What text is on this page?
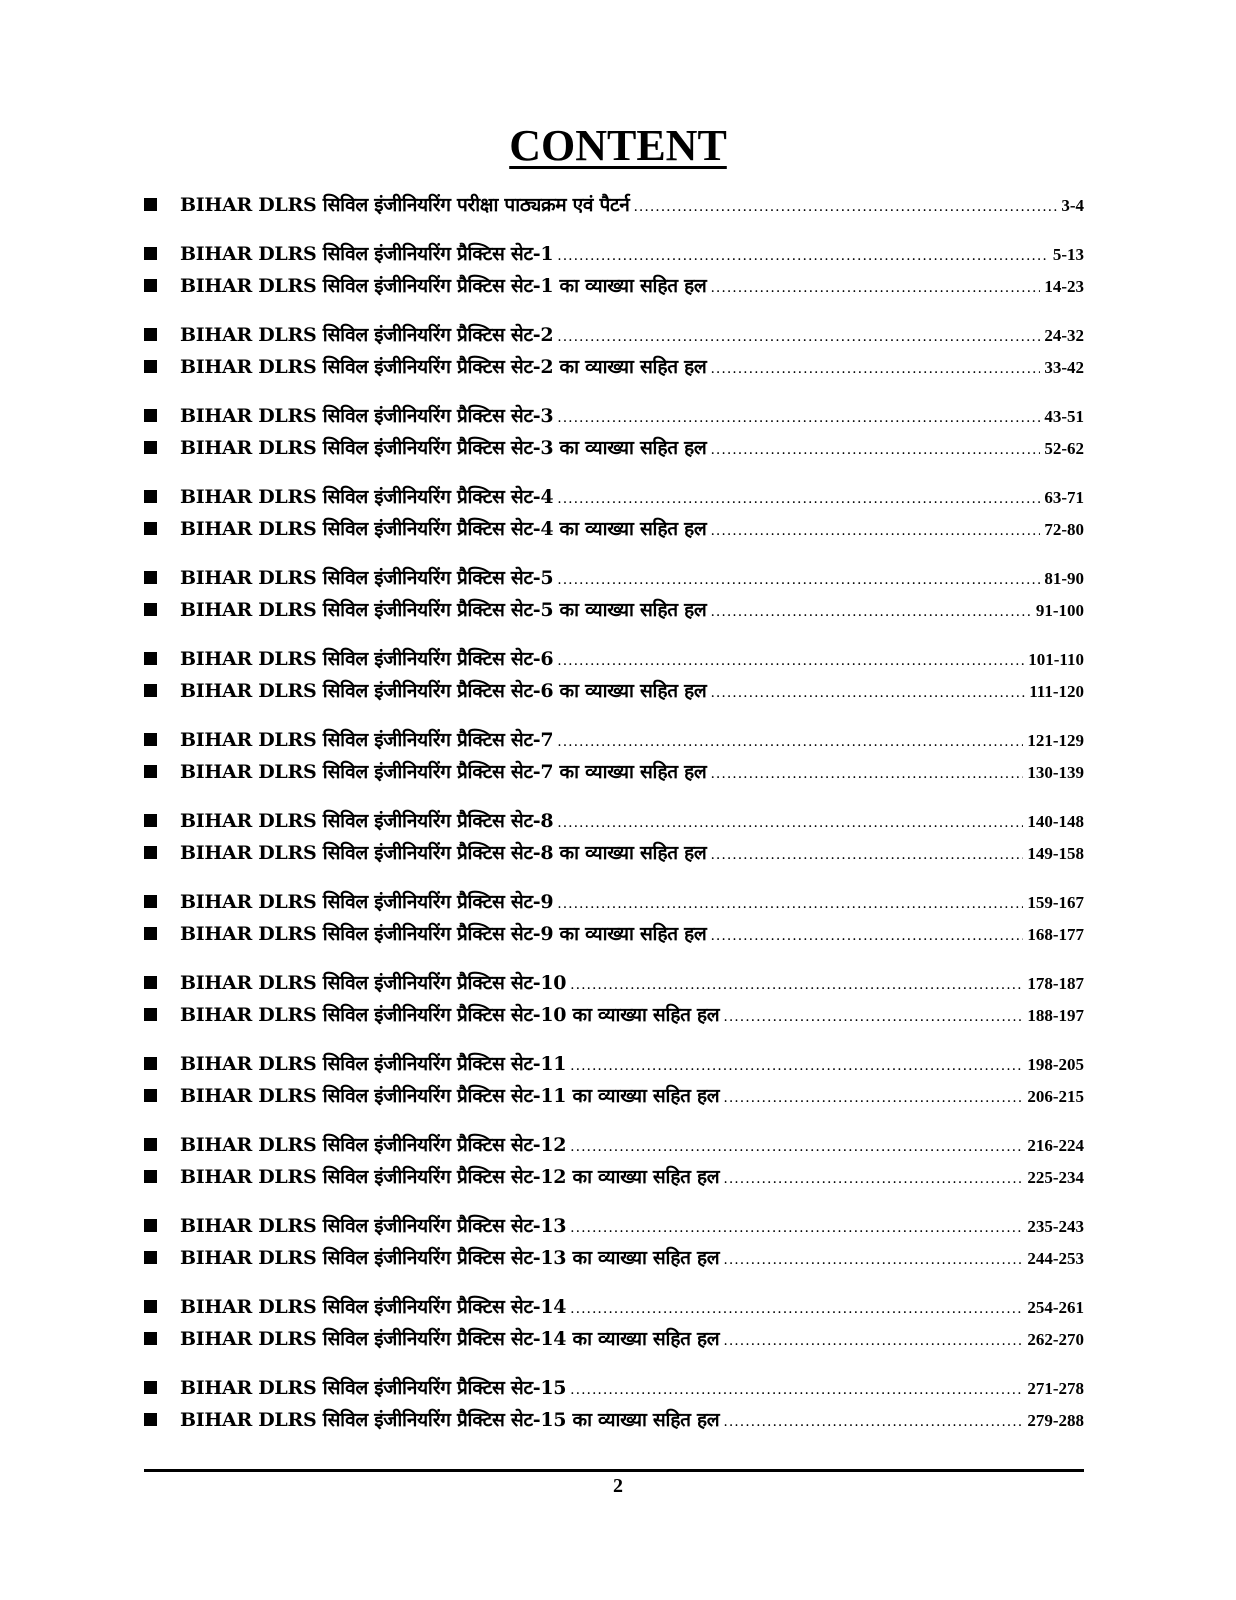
CONTENT
BIHAR DLRS सिविल इंजीनियरिंग परीक्षा पाठ्यक्रम एवं पैटर्न .....	3-4
BIHAR DLRS सिविल इंजीनियरिंग प्रैक्टिस सेट-1 .....	5-13
BIHAR DLRS सिविल इंजीनियरिंग प्रैक्टिस सेट-1 का व्याख्या सहित हल .....	14-23
BIHAR DLRS सिविल इंजीनियरिंग प्रैक्टिस सेट-2 .....	24-32
BIHAR DLRS सिविल इंजीनियरिंग प्रैक्टिस सेट-2 का व्याख्या सहित हल .....	33-42
BIHAR DLRS सिविल इंजीनियरिंग प्रैक्टिस सेट-3 .....	43-51
BIHAR DLRS सिविल इंजीनियरिंग प्रैक्टिस सेट-3 का व्याख्या सहित हल .....	52-62
BIHAR DLRS सिविल इंजीनियरिंग प्रैक्टिस सेट-4 .....	63-71
BIHAR DLRS सिविल इंजीनियरिंग प्रैक्टिस सेट-4 का व्याख्या सहित हल .....	72-80
BIHAR DLRS सिविल इंजीनियरिंग प्रैक्टिस सेट-5 .....	81-90
BIHAR DLRS सिविल इंजीनियरिंग प्रैक्टिस सेट-5 का व्याख्या सहित हल .....	91-100
BIHAR DLRS सिविल इंजीनियरिंग प्रैक्टिस सेट-6 .....	101-110
BIHAR DLRS सिविल इंजीनियरिंग प्रैक्टिस सेट-6 का व्याख्या सहित हल .....	111-120
BIHAR DLRS सिविल इंजीनियरिंग प्रैक्टिस सेट-7 .....	121-129
BIHAR DLRS सिविल इंजीनियरिंग प्रैक्टिस सेट-7 का व्याख्या सहित हल .....	130-139
BIHAR DLRS सिविल इंजीनियरिंग प्रैक्टिस सेट-8 .....	140-148
BIHAR DLRS सिविल इंजीनियरिंग प्रैक्टिस सेट-8 का व्याख्या सहित हल .....	149-158
BIHAR DLRS सिविल इंजीनियरिंग प्रैक्टिस सेट-9 .....	159-167
BIHAR DLRS सिविल इंजीनियरिंग प्रैक्टिस सेट-9 का व्याख्या सहित हल .....	168-177
BIHAR DLRS सिविल इंजीनियरिंग प्रैक्टिस सेट-10 .....	178-187
BIHAR DLRS सिविल इंजीनियरिंग प्रैक्टिस सेट-10 का व्याख्या सहित हल .....	188-197
BIHAR DLRS सिविल इंजीनियरिंग प्रैक्टिस सेट-11 .....	198-205
BIHAR DLRS सिविल इंजीनियरिंग प्रैक्टिस सेट-11 का व्याख्या सहित हल .....	206-215
BIHAR DLRS सिविल इंजीनियरिंग प्रैक्टिस सेट-12 .....	216-224
BIHAR DLRS सिविल इंजीनियरिंग प्रैक्टिस सेट-12 का व्याख्या सहित हल .....	225-234
BIHAR DLRS सिविल इंजीनियरिंग प्रैक्टिस सेट-13 .....	235-243
BIHAR DLRS सिविल इंजीनियरिंग प्रैक्टिस सेट-13 का व्याख्या सहित हल .....	244-253
BIHAR DLRS सिविल इंजीनियरिंग प्रैक्टिस सेट-14 .....	254-261
BIHAR DLRS सिविल इंजीनियरिंग प्रैक्टिस सेट-14 का व्याख्या सहित हल .....	262-270
BIHAR DLRS सिविल इंजीनियरिंग प्रैक्टिस सेट-15 .....	271-278
BIHAR DLRS सिविल इंजीनियरिंग प्रैक्टिस सेट-15 का व्याख्या सहित हल .....	279-288
2
